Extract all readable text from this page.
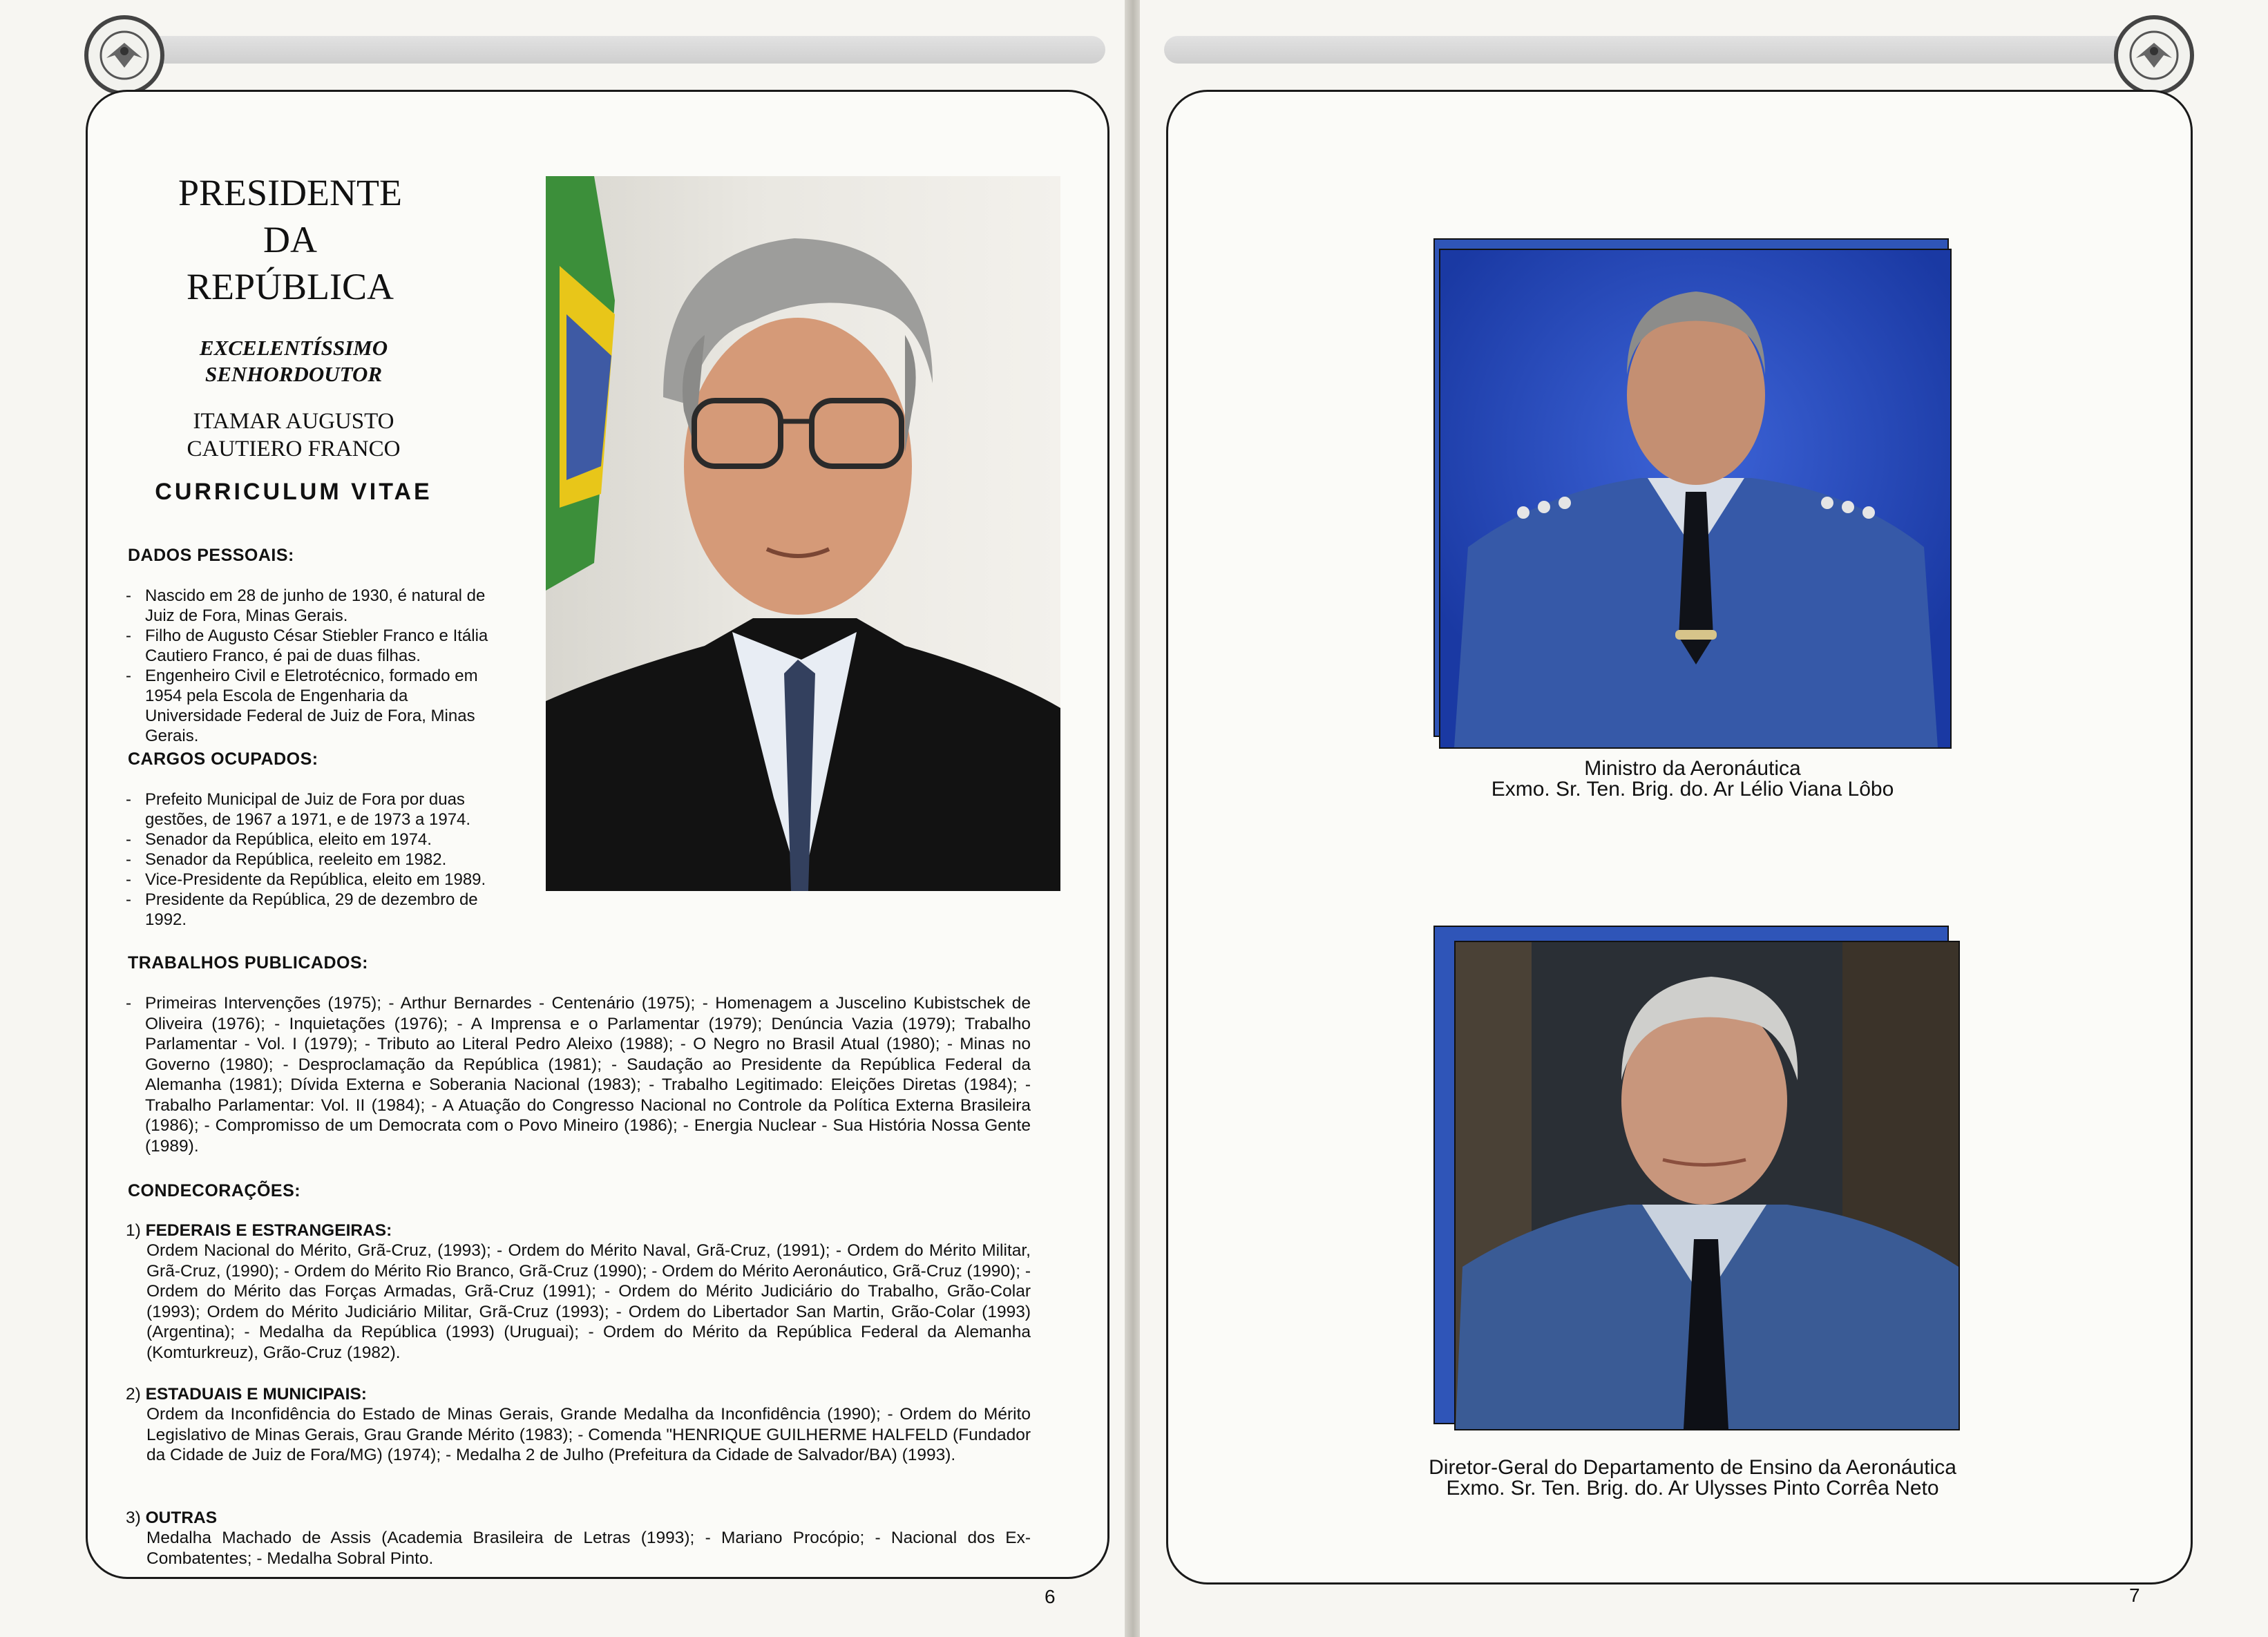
PRESIDENTE
DA
REPÚBLICA
EXCELENTÍSSIMO
SENHORDOUTOR
ITAMAR AUGUSTO
CAUTIERO FRANCO
CURRICULUM VITAE
DADOS PESSOAIS:
- Nascido em 28 de junho de 1930, é natural de Juiz de Fora, Minas Gerais.
- Filho de Augusto César Stiebler Franco e Itália Cautiero Franco, é pai de duas filhas.
- Engenheiro Civil e Eletrotécnico, formado em 1954 pela Escola de Engenharia da Universidade Federal de Juiz de Fora, Minas Gerais.
CARGOS OCUPADOS:
- Prefeito Municipal de Juiz de Fora por duas gestões, de 1967 a 1971, e de 1973 a 1974.
- Senador da República, eleito em 1974.
- Senador da República, reeleito em 1982.
- Vice-Presidente da República, eleito em 1989.
- Presidente da República, 29 de dezembro de 1992.
TRABALHOS PUBLICADOS:
- Primeiras Intervenções (1975); - Arthur Bernardes - Centenário (1975); - Homenagem a Juscelino Kubistschek de Oliveira (1976); - Inquietações (1976); - A Imprensa e o Parlamentar (1979); Denúncia Vazia (1979); Trabalho Parlamentar - Vol. I (1979); - Tributo ao Literal Pedro Aleixo (1988); - O Negro no Brasil Atual (1980); - Minas no Governo (1980); - Desproclamação da República (1981); - Saudação ao Presidente da República Federal da Alemanha (1981); Dívida Externa e Soberania Nacional (1983); - Trabalho Legitimado: Eleições Diretas (1984); - Trabalho Parlamentar: Vol. II (1984); - A Atuação do Congresso Nacional no Controle da Política Externa Brasileira (1986); - Compromisso de um Democrata com o Povo Mineiro (1986); - Energia Nuclear - Sua História Nossa Gente (1989).
CONDECORAÇÕES:
1) FEDERAIS E ESTRANGEIRAS:
Ordem Nacional do Mérito, Grã-Cruz, (1993); - Ordem do Mérito Naval, Grã-Cruz, (1991); - Ordem do Mérito Militar, Grã-Cruz, (1990); - Ordem do Mérito Rio Branco, Grã-Cruz (1990); - Ordem do Mérito Aeronáutico, Grã-Cruz (1990); - Ordem do Mérito das Forças Armadas, Grã-Cruz (1991); - Ordem do Mérito Judiciário do Trabalho, Grão-Colar (1993); Ordem do Mérito Judiciário Militar, Grã-Cruz (1993); - Ordem do Libertador San Martin, Grão-Colar (1993) (Argentina); - Medalha da República (1993) (Uruguai); - Ordem do Mérito da República Federal da Alemanha (Komturkreuz), Grão-Cruz (1982).
2) ESTADUAIS E MUNICIPAIS:
Ordem da Inconfidência do Estado de Minas Gerais, Grande Medalha da Inconfidência (1990); - Ordem do Mérito Legislativo de Minas Gerais, Grau Grande Mérito (1983); - Comenda "HENRIQUE GUILHERME HALFELD (Fundador da Cidade de Juiz de Fora/MG) (1974); - Medalha 2 de Julho (Prefeitura da Cidade de Salvador/BA) (1993).
3) OUTRAS
Medalha Machado de Assis (Academia Brasileira de Letras (1993); - Mariano Procópio; - Nacional dos Ex-Combatentes; - Medalha Sobral Pinto.
6
Ministro da Aeronáutica
Exmo. Sr. Ten. Brig. do. Ar Lélio Viana Lôbo
Diretor-Geral do Departamento de Ensino da Aeronáutica
Exmo. Sr. Ten. Brig. do. Ar Ulysses Pinto Corrêa Neto
7
